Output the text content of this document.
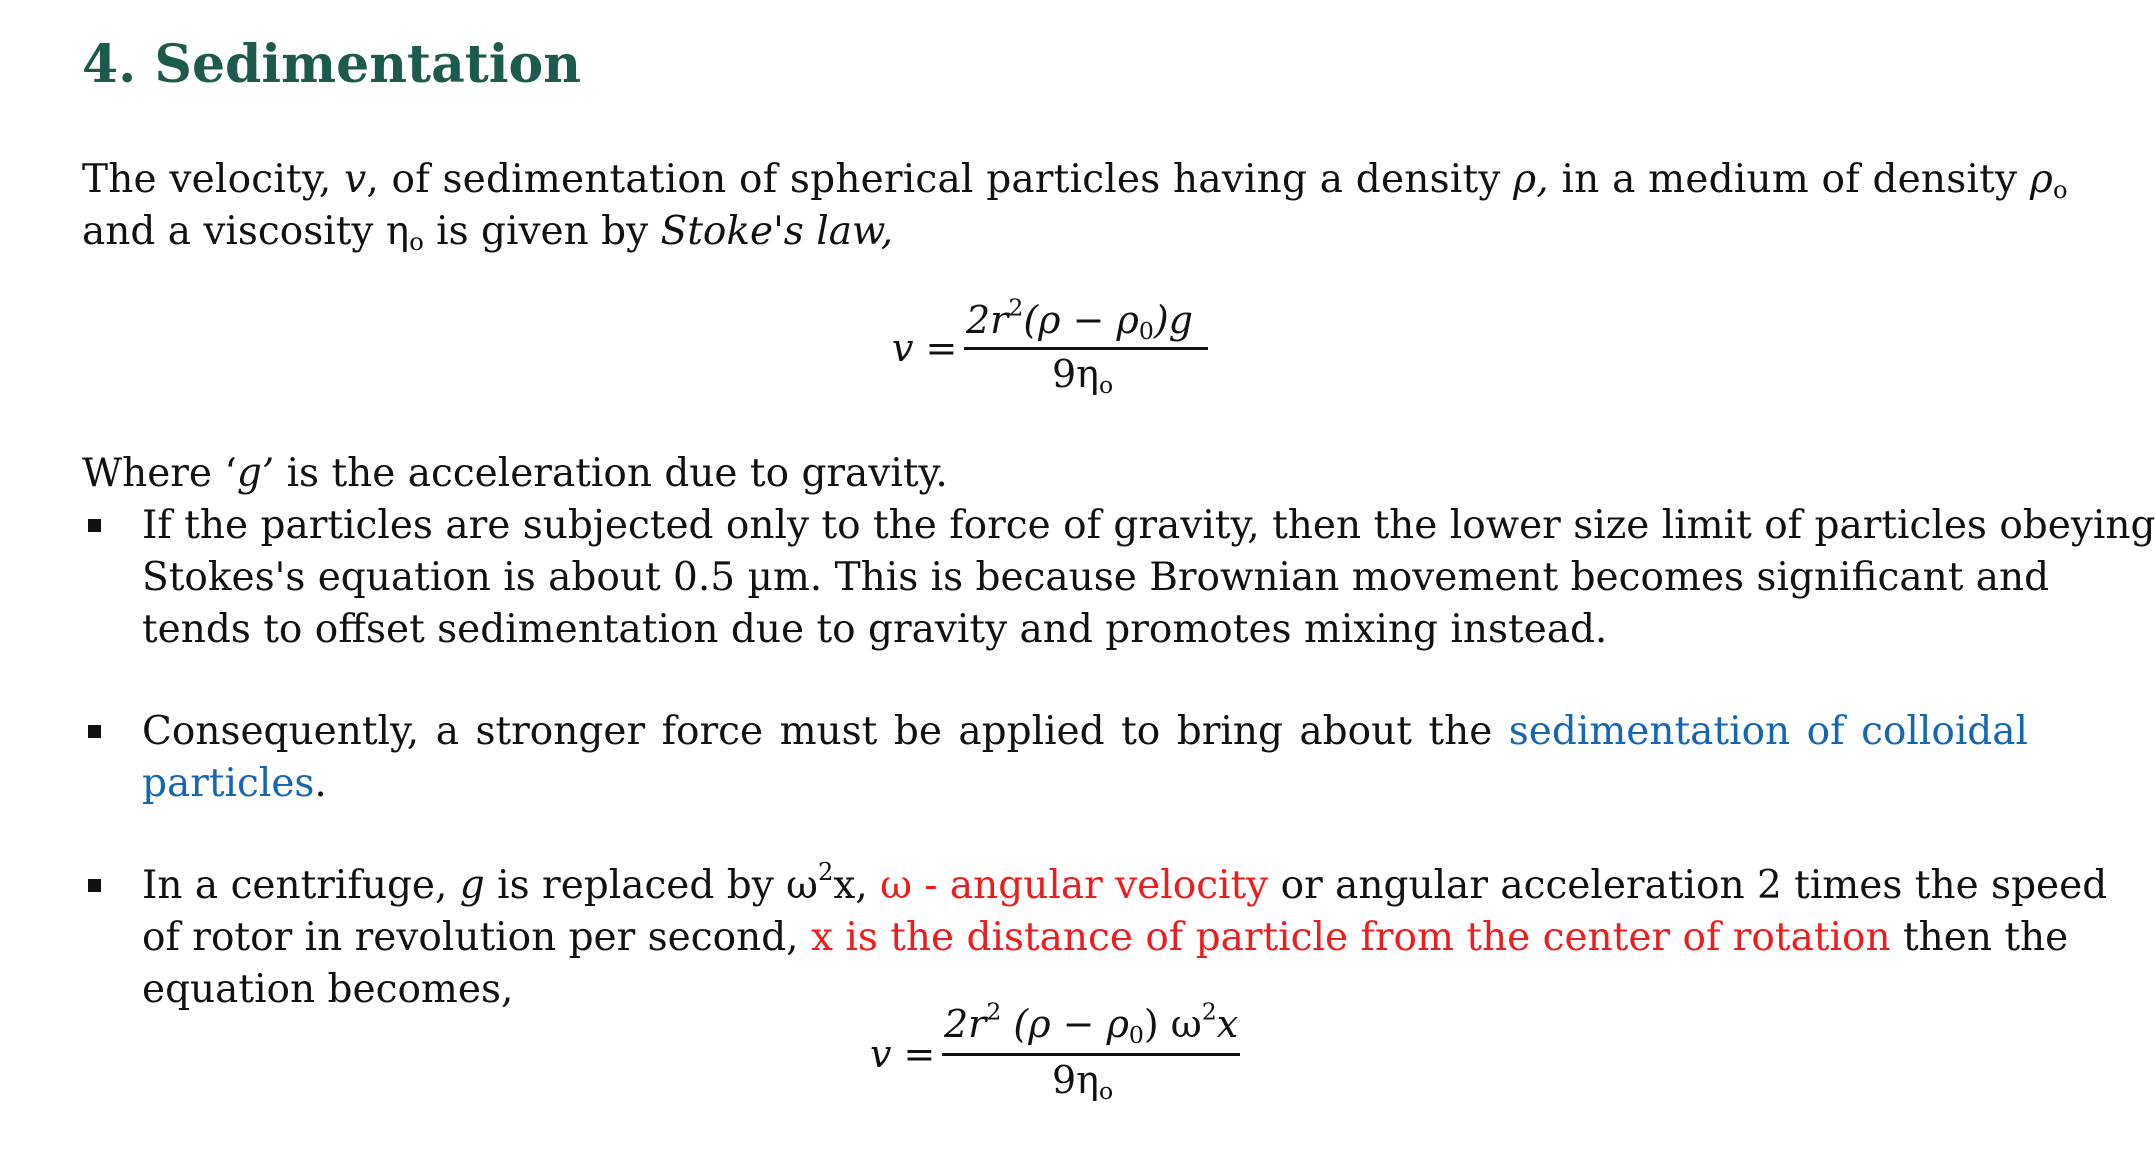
4. Sedimentation
The velocity, v, of sedimentation of spherical particles having a density ρ, in a medium of density $\rho_o$
and a viscosity $\eta_o$ is given by Stoke's law,
v =
$2r^2(\rho - \rho_0)g$
$9\eta_o$
Where ‘g’ is the acceleration due to gravity.
If the particles are subjected only to the force of gravity, then the lower size limit of particles obeying
Stokes's equation is about 0.5 µm. This is because Brownian movement becomes significant and
tends to offset sedimentation due to gravity and promotes mixing instead.
Consequently, a stronger force must be applied to bring about the sedimentation of colloidal
particles.
In a centrifuge, g is replaced by $\omega^2x$, ω - angular velocity or angular acceleration 2 times the speed
of rotor in revolution per second, x is the distance of particle from the center of rotation then the
equation becomes,
v =
$2r^2$ $(\rho - \rho_0)$ $\omega^2x$
$9\eta_o$
